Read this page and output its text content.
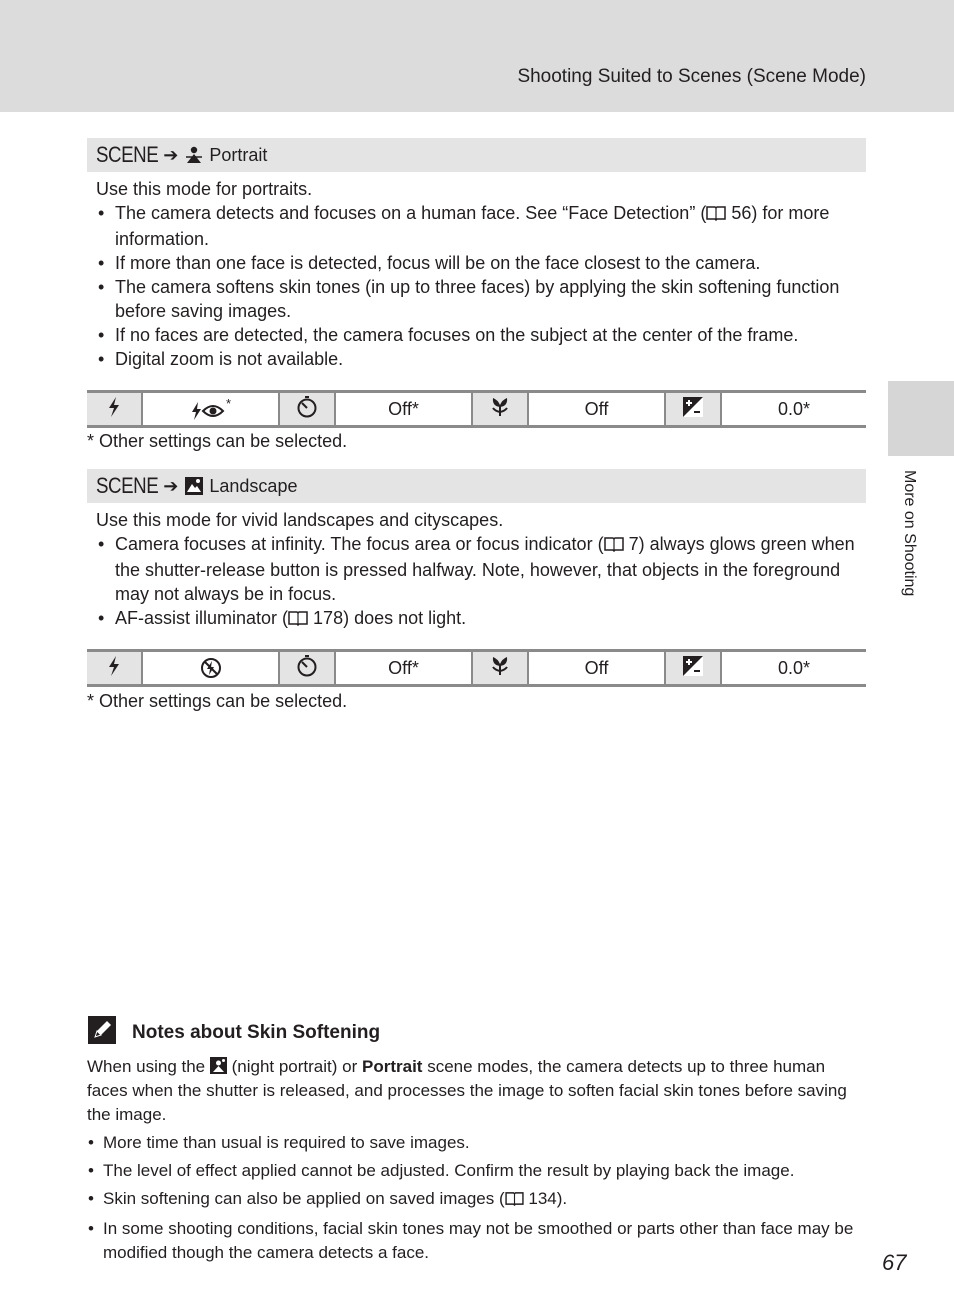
Shooting Suited to Scenes (Scene Mode)
More on Shooting
SCENE ➔ Portrait

Use this mode for portraits.

• The camera detects and focuses on a human face. See “Face Detection” ( 56) for more information.
• If more than one face is detected, focus will be on the face closest to the camera.
• The camera softens skin tones (in up to three faces) by applying the skin softening function before saving images.
• If no faces are detected, the camera focuses on the subject at the center of the frame.
• Digital zoom is not available.
	*		Off*		Off		0.0*
* Other settings can be selected.
SCENE ➔ Landscape

Use this mode for vivid landscapes and cityscapes.

• Camera focuses at infinity. The focus area or focus indicator ( 7) always glows green when the shutter-release button is pressed halfway. Note, however, that objects in the foreground may not always be in focus.
• AF-assist illuminator ( 178) does not light.
			Off*		Off		0.0*
* Other settings can be selected.
Notes about Skin Softening

When using the (night portrait) or Portrait scene modes, the camera detects up to three human faces when the shutter is released, and processes the image to soften facial skin tones before saving the image.

• More time than usual is required to save images.
• The level of effect applied cannot be adjusted. Confirm the result by playing back the image.
• Skin softening can also be applied on saved images ( 134).
• In some shooting conditions, facial skin tones may not be smoothed or parts other than face may be modified though the camera detects a face.	67
